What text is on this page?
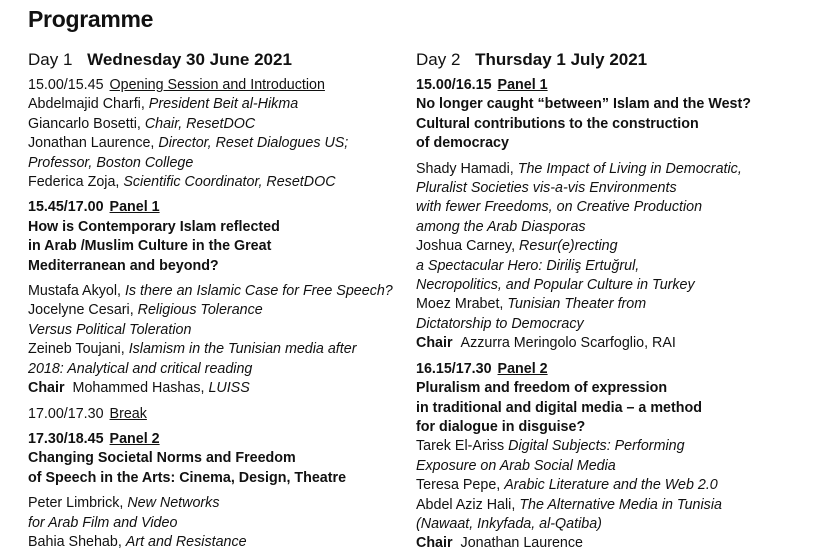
Programme
Day 1 Wednesday 30 June 2021
15.00/15.45 Opening Session and Introduction
Abdelmajid Charfi, President Beit al-Hikma
Giancarlo Bosetti, Chair, ResetDOC
Jonathan Laurence, Director, Reset Dialogues US;
Professor, Boston College
Federica Zoja, Scientific Coordinator, ResetDOC
15.45/17.00 Panel 1
How is Contemporary Islam reflected
in Arab /Muslim Culture in the Great
Mediterranean and beyond?
Mustafa Akyol, Is there an Islamic Case for Free Speech?
Jocelyne Cesari, Religious Tolerance
Versus Political Toleration
Zeineb Toujani, Islamism in the Tunisian media after
2018: Analytical and critical reading
Chair Mohammed Hashas, LUISS
17.00/17.30 Break
17.30/18.45 Panel 2
Changing Societal Norms and Freedom
of Speech in the Arts: Cinema, Design, Theatre
Peter Limbrick, New Networks
for Arab Film and Video
Bahia Shehab, Art and Resistance
Day 2 Thursday 1 July 2021
15.00/16.15 Panel 1
No longer caught “between” Islam and the West?
Cultural contributions to the construction
of democracy
Shady Hamadi, The Impact of Living in Democratic,
Pluralist Societies vis-a-vis Environments
with fewer Freedoms, on Creative Production
among the Arab Diasporas
Joshua Carney, Resur(e)recting
a Spectacular Hero: Diriliş Ertuğrul,
Necropolitics, and Popular Culture in Turkey
Moez Mrabet, Tunisian Theater from
Dictatorship to Democracy
Chair Azzurra Meringolo Scarfoglio, RAI
16.15/17.30 Panel 2
Pluralism and freedom of expression
in traditional and digital media – a method
for dialogue in disguise?
Tarek El-Ariss Digital Subjects: Performing
Exposure on Arab Social Media
Teresa Pepe, Arabic Literature and the Web 2.0
Abdel Aziz Hali, The Alternative Media in Tunisia
(Nawaat, Inkyfada, al-Qatiba)
Chair Jonathan Laurence
